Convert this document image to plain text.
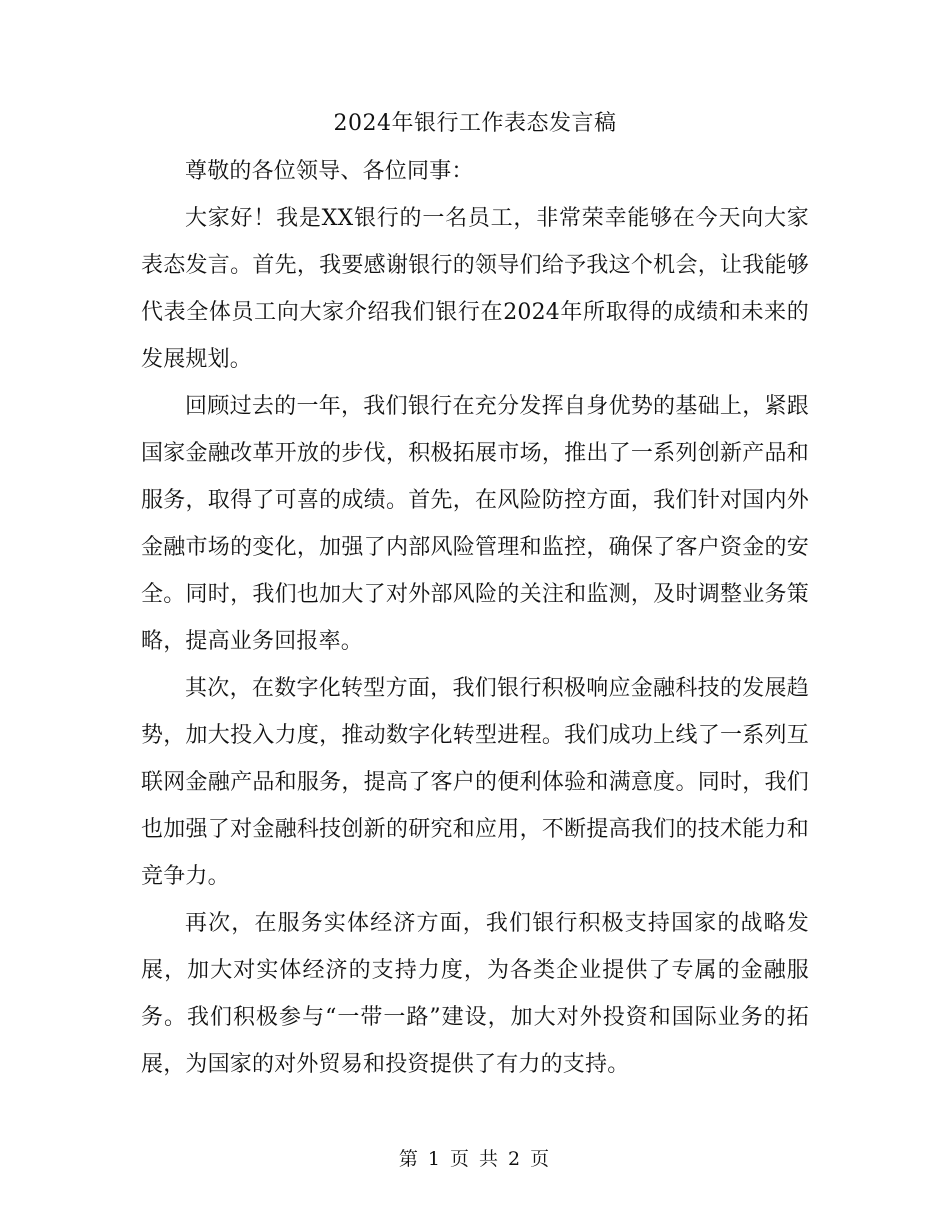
2024年银行工作表态发言稿

尊敬的各位领导、各位同事：

大家好！我是XX银行的一名员工，非常荣幸能够在今天向大家表态发言。首先，我要感谢银行的领导们给予我这个机会，让我能够代表全体员工向大家介绍我们银行在2024年所取得的成绩和未来的发展规划。

回顾过去的一年，我们银行在充分发挥自身优势的基础上，紧跟国家金融改革开放的步伐，积极拓展市场，推出了一系列创新产品和服务，取得了可喜的成绩。首先，在风险防控方面，我们针对国内外金融市场的变化，加强了内部风险管理和监控，确保了客户资金的安全。同时，我们也加大了对外部风险的关注和监测，及时调整业务策略，提高业务回报率。

其次，在数字化转型方面，我们银行积极响应金融科技的发展趋势，加大投入力度，推动数字化转型进程。我们成功上线了一系列互联网金融产品和服务，提高了客户的便利体验和满意度。同时，我们也加强了对金融科技创新的研究和应用，不断提高我们的技术能力和竞争力。

再次，在服务实体经济方面，我们银行积极支持国家的战略发展，加大对实体经济的支持力度，为各类企业提供了专属的金融服务。我们积极参与“一带一路”建设，加大对外投资和国际业务的拓展，为国家的对外贸易和投资提供了有力的支持。

第 1 页 共 2 页
